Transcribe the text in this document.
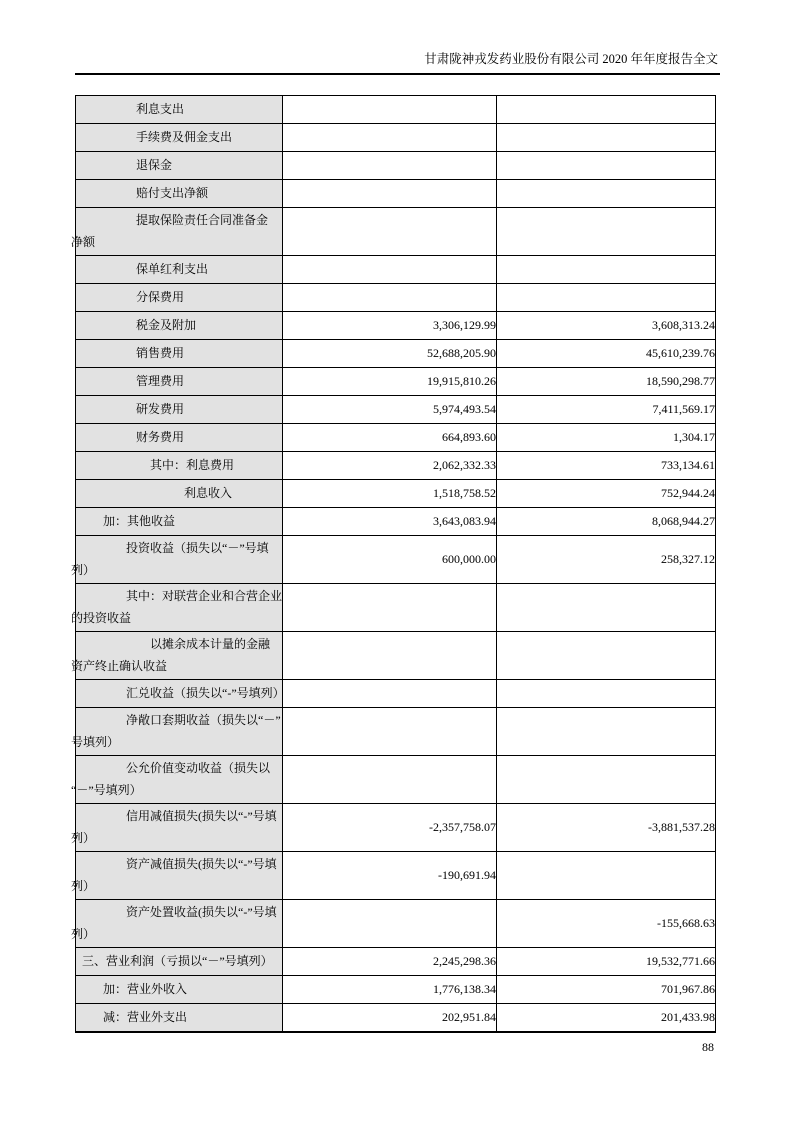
甘肃陇神戎发药业股份有限公司 2020 年年度报告全文
利息支出		

手续费及佣金支出		

退保金		

赔付支出净额		

提取保险责任合同准备金
净额		

保单红利支出		

分保费用		

税金及附加	3,306,129.99	3,608,313.24

销售费用	52,688,205.90	45,610,239.76

管理费用	19,915,810.26	18,590,298.77

研发费用	5,974,493.54	7,411,569.17

财务费用	664,893.60	1,304.17

其中：利息费用	2,062,332.33	733,134.61

利息收入	1,518,758.52	752,944.24

加：其他收益	3,643,083.94	8,068,944.27

投资收益（损失以“－”号填
列）	600,000.00	258,327.12

其中：对联营企业和合营企业
的投资收益		

以摊余成本计量的金融
资产终止确认收益		

汇兑收益（损失以“-”号填列）		

净敞口套期收益（损失以“－”
号填列）		

公允价值变动收益（损失以
“－”号填列）		

信用减值损失(损失以“-”号填
列）	-2,357,758.07	-3,881,537.28

资产减值损失(损失以“-”号填
列）	-190,691.94	

资产处置收益(损失以“-”号填
列）		-155,668.63

三、营业利润（亏损以“－”号填列）	2,245,298.36	19,532,771.66

加：营业外收入	1,776,138.34	701,967.86

减：营业外支出	202,951.84	201,433.98
88
